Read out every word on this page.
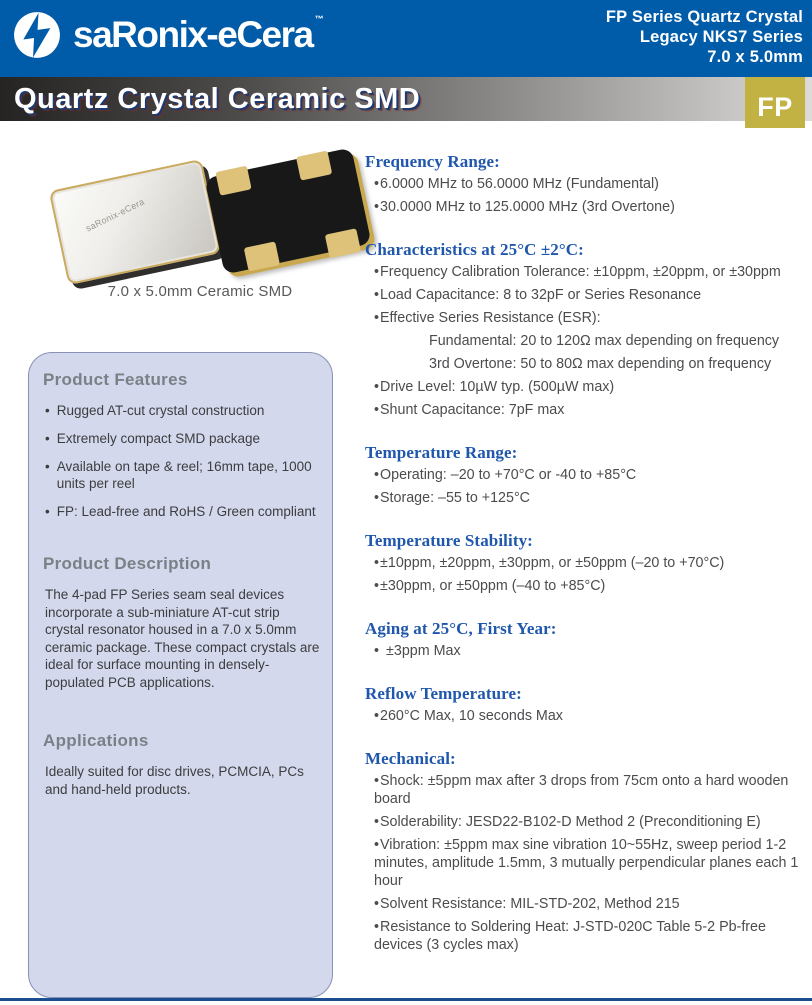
saRonix-eCera ™	FP Series Quartz Crystal
Legacy NKS7 Series
7.0 x 5.0mm
Quartz Crystal Ceramic SMD	FP
saRonix-eCera
7.0 x 5.0mm Ceramic SMD
Product Features
• Rugged AT-cut crystal construction
• Extremely compact SMD package
• Available on tape & reel; 16mm tape, 1000 units per reel
• FP: Lead-free and RoHS / Green compliant
Product Description

The 4-pad FP Series seam seal devices incorporate a sub-miniature AT-cut strip crystal resonator housed in a 7.0 x 5.0mm ceramic package. These compact crystals are ideal for surface mounting in densely-populated PCB applications.

Applications

Ideally suited for disc drives, PCMCIA, PCs and hand-held products.

Frequency Range:
•6.0000 MHz to 56.0000 MHz (Fundamental)
•30.0000 MHz to 125.0000 MHz (3rd Overtone)
Characteristics at 25°C ±2°C:
•Frequency Calibration Tolerance: ±10ppm, ±20ppm, or ±30ppm
•Load Capacitance: 8 to 32pF or Series Resonance
•Effective Series Resistance (ESR):
Fundamental: 20 to 120Ω max depending on frequency
3rd Overtone: 50 to 80Ω max depending on frequency
•Drive Level: 10µW typ. (500µW max)
•Shunt Capacitance: 7pF max
Temperature Range:
•Operating: –20 to +70°C or -40 to +85°C
•Storage: –55 to +125°C
Temperature Stability:
•±10ppm, ±20ppm, ±30ppm, or ±50ppm (–20 to +70°C)
•±30ppm, or ±50ppm (–40 to +85°C)
Aging at 25°C, First Year:
• ±3ppm Max
Reflow Temperature:
•260°C Max, 10 seconds Max
Mechanical:
•Shock: ±5ppm max after 3 drops from 75cm onto a hard wooden board
•Solderability: JESD22-B102-D Method 2 (Preconditioning E)
•Vibration: ±5ppm max sine vibration 10~55Hz, sweep period 1-2 minutes, amplitude 1.5mm, 3 mutually perpendicular planes each 1 hour
•Solvent Resistance: MIL-STD-202, Method 215
•Resistance to Soldering Heat: J-STD-020C Table 5-2 Pb-free devices (3 cycles max)
